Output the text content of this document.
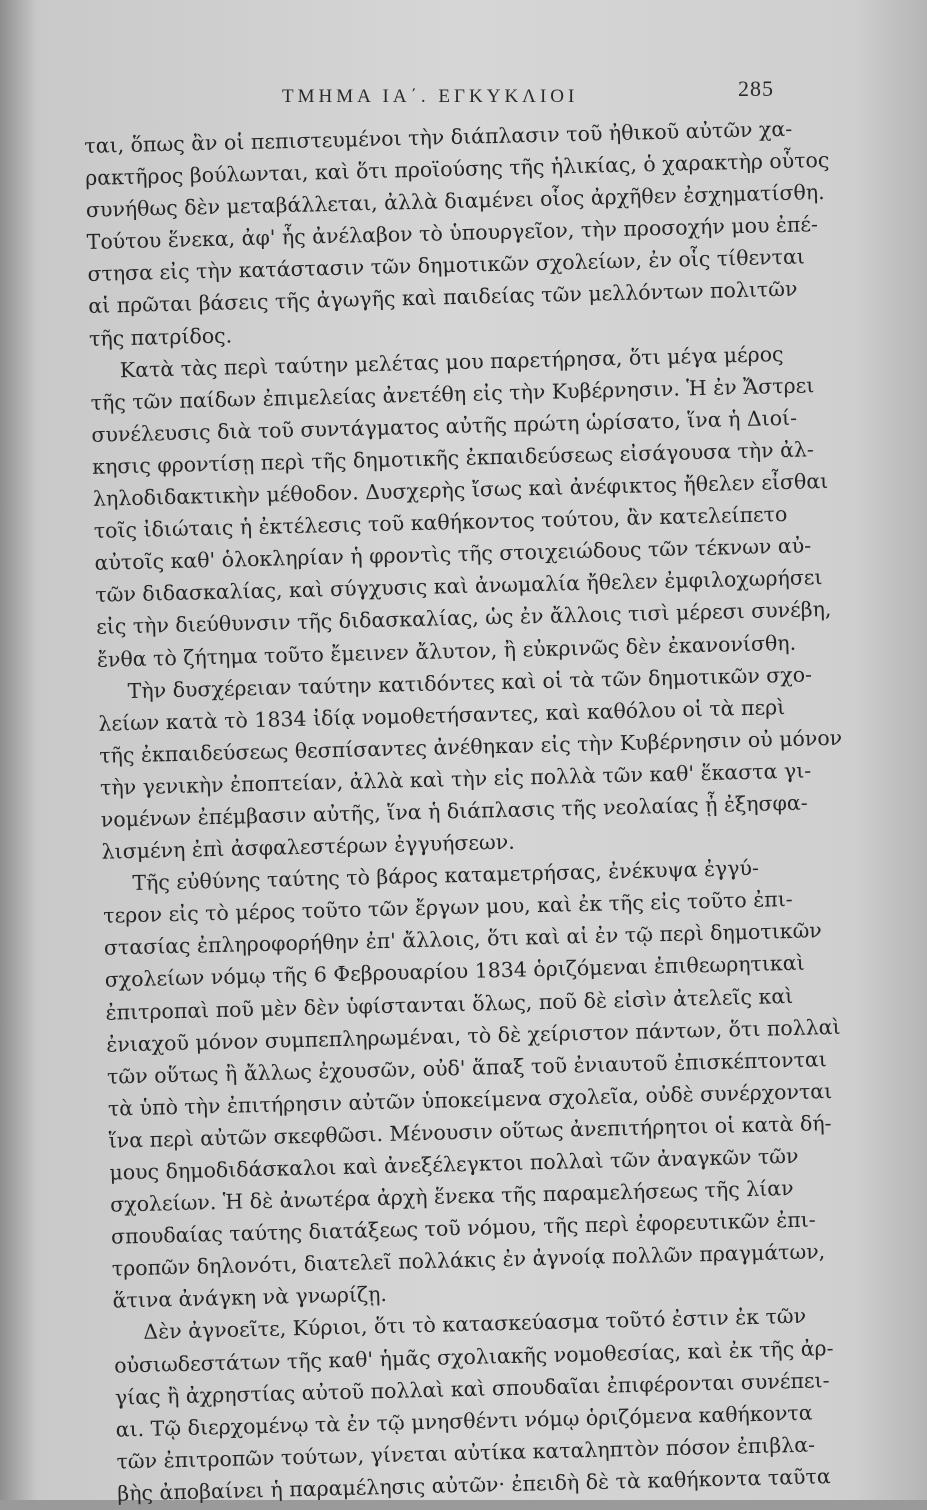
ΤΜΗΜΑ ΙΑ΄. ΕΓΚΥΚΛΙΟΙ	285
ται, ὅπως ἂν οἱ πεπιστευμένοι τὴν διάπλασιν τοῦ ἠθικοῦ αὐτῶν χα-
ρακτῆρος βούλωνται, καὶ ὅτι προϊούσης τῆς ἡλικίας, ὁ χαρακτὴρ οὗτος
συνήθως δὲν μεταβάλλεται, ἀλλὰ διαμένει οἷος ἀρχῆθεν ἐσχηματίσθη.
Τούτου ἕνεκα, ἀφ' ἧς ἀνέλαβον τὸ ὑπουργεῖον, τὴν προσοχήν μου ἐπέ-
στησα εἰς τὴν κατάστασιν τῶν δημοτικῶν σχολείων, ἐν οἷς τίθενται
αἱ πρῶται βάσεις τῆς ἀγωγῆς καὶ παιδείας τῶν μελλόντων πολιτῶν
τῆς πατρίδος.
Κατὰ τὰς περὶ ταύτην μελέτας μου παρετήρησα, ὅτι μέγα μέρος
τῆς τῶν παίδων ἐπιμελείας ἀνετέθη εἰς τὴν Κυβέρνησιν. Ἡ ἐν Ἄστρει
συνέλευσις διὰ τοῦ συντάγματος αὐτῆς πρώτη ὡρίσατο, ἵνα ἡ Διοί-
κησις φροντίσῃ περὶ τῆς δημοτικῆς ἐκπαιδεύσεως εἰσάγουσα τὴν ἀλ-
ληλοδιδακτικὴν μέθοδον. Δυσχερὴς ἴσως καὶ ἀνέφικτος ἤθελεν εἶσθαι
τοῖς ἰδιώταις ἡ ἐκτέλεσις τοῦ καθήκοντος τούτου, ἂν κατελείπετο
αὐτοῖς καθ' ὁλοκληρίαν ἡ φροντὶς τῆς στοιχειώδους τῶν τέκνων αὐ-
τῶν διδασκαλίας, καὶ σύγχυσις καὶ ἀνωμαλία ἤθελεν ἐμφιλοχωρήσει
εἰς τὴν διεύθυνσιν τῆς διδασκαλίας, ὡς ἐν ἄλλοις τισὶ μέρεσι συνέβη,
ἔνθα τὸ ζήτημα τοῦτο ἔμεινεν ἄλυτον, ἢ εὐκρινῶς δὲν ἐκανονίσθη.
Τὴν δυσχέρειαν ταύτην κατιδόντες καὶ οἱ τὰ τῶν δημοτικῶν σχο-
λείων κατὰ τὸ 1834 ἰδίᾳ νομοθετήσαντες, καὶ καθόλου οἱ τὰ περὶ
τῆς ἐκπαιδεύσεως θεσπίσαντες ἀνέθηκαν εἰς τὴν Κυβέρνησιν οὐ μόνον
τὴν γενικὴν ἐποπτείαν, ἀλλὰ καὶ τὴν εἰς πολλὰ τῶν καθ' ἕκαστα γι-
νομένων ἐπέμβασιν αὐτῆς, ἵνα ἡ διάπλασις τῆς νεολαίας ᾖ ἐξησφα-
λισμένη ἐπὶ ἀσφαλεστέρων ἐγγυήσεων.
Τῆς εὐθύνης ταύτης τὸ βάρος καταμετρήσας, ἐνέκυψα ἐγγύ-
τερον εἰς τὸ μέρος τοῦτο τῶν ἔργων μου, καὶ ἐκ τῆς εἰς τοῦτο ἐπι-
στασίας ἐπληροφορήθην ἐπ' ἄλλοις, ὅτι καὶ αἱ ἐν τῷ περὶ δημοτικῶν
σχολείων νόμῳ τῆς 6 Φεβρουαρίου 1834 ὁριζόμεναι ἐπιθεωρητικαὶ
ἐπιτροπαὶ ποῦ μὲν δὲν ὑφίστανται ὅλως, ποῦ δὲ εἰσὶν ἀτελεῖς καὶ
ἐνιαχοῦ μόνον συμπεπληρωμέναι, τὸ δὲ χείριστον πάντων, ὅτι πολλαὶ
τῶν οὕτως ἢ ἄλλως ἐχουσῶν, οὐδ' ἅπαξ τοῦ ἐνιαυτοῦ ἐπισκέπτονται
τὰ ὑπὸ τὴν ἐπιτήρησιν αὐτῶν ὑποκείμενα σχολεῖα, οὐδὲ συνέρχονται
ἵνα περὶ αὐτῶν σκεφθῶσι. Μένουσιν οὕτως ἀνεπιτήρητοι οἱ κατὰ δή-
μους δημοδιδάσκαλοι καὶ ἀνεξέλεγκτοι πολλαὶ τῶν ἀναγκῶν τῶν
σχολείων. Ἡ δὲ ἀνωτέρα ἀρχὴ ἕνεκα τῆς παραμελήσεως τῆς λίαν
σπουδαίας ταύτης διατάξεως τοῦ νόμου, τῆς περὶ ἐφορευτικῶν ἐπι-
τροπῶν δηλονότι, διατελεῖ πολλάκις ἐν ἀγνοίᾳ πολλῶν πραγμάτων,
ἅτινα ἀνάγκη νὰ γνωρίζῃ.
Δὲν ἀγνοεῖτε, Κύριοι, ὅτι τὸ κατασκεύασμα τοῦτό ἐστιν ἐκ τῶν
οὐσιωδεστάτων τῆς καθ' ἡμᾶς σχολιακῆς νομοθεσίας, καὶ ἐκ τῆς ἀρ-
γίας ἢ ἀχρηστίας αὐτοῦ πολλαὶ καὶ σπουδαῖαι ἐπιφέρονται συνέπει-
αι. Τῷ διερχομένῳ τὰ ἐν τῷ μνησθέντι νόμῳ ὁριζόμενα καθήκοντα
τῶν ἐπιτροπῶν τούτων, γίνεται αὐτίκα καταληπτὸν πόσον ἐπιβλα-
βὴς ἀποβαίνει ἡ παραμέλησις αὐτῶν· ἐπειδὴ δὲ τὰ καθήκοντα ταῦτα
